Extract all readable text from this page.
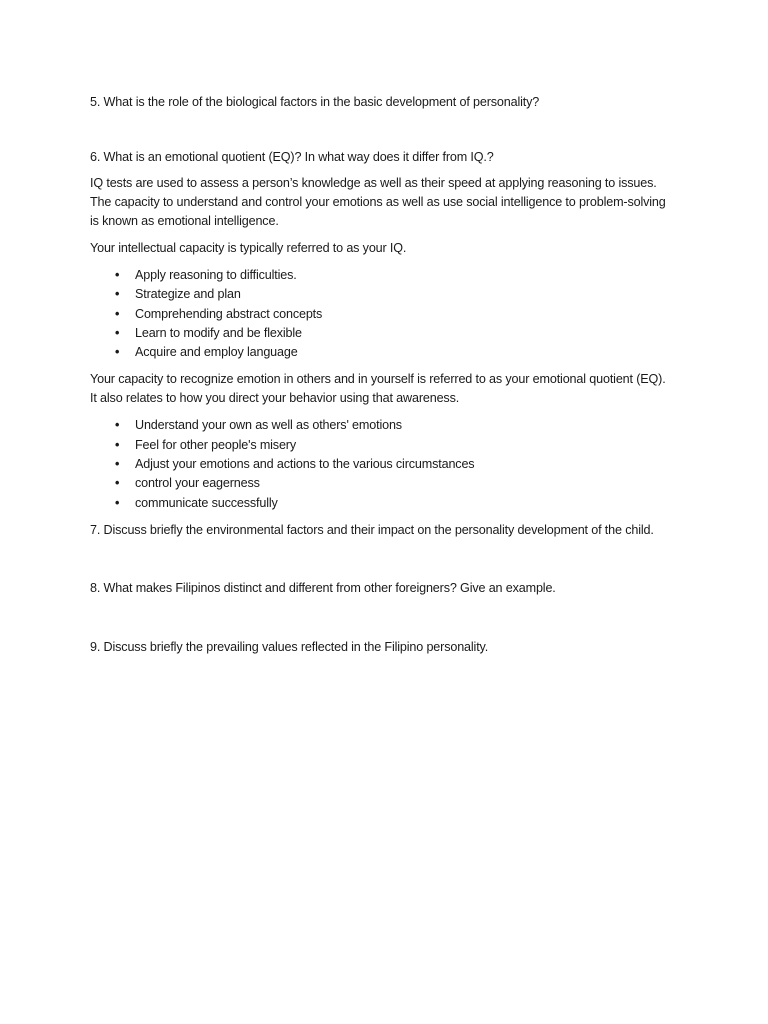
5. What is the role of the biological factors in the basic development of personality?

6. What is an emotional quotient (EQ)? In what way does it differ from IQ.?

IQ tests are used to assess a person’s knowledge as well as their speed at applying reasoning to issues. The capacity to understand and control your emotions as well as use social intelligence to problem-solving is known as emotional intelligence.

Your intellectual capacity is typically referred to as your IQ.

• Apply reasoning to difficulties.
• Strategize and plan
• Comprehending abstract concepts
• Learn to modify and be flexible
• Acquire and employ language

Your capacity to recognize emotion in others and in yourself is referred to as your emotional quotient (EQ). It also relates to how you direct your behavior using that awareness.

• Understand your own as well as others' emotions
• Feel for other people's misery
• Adjust your emotions and actions to the various circumstances
• control your eagerness
• communicate successfully

7. Discuss briefly the environmental factors and their impact on the personality development of the child.

8. What makes Filipinos distinct and different from other foreigners? Give an example.

9. Discuss briefly the prevailing values reflected in the Filipino personality.
